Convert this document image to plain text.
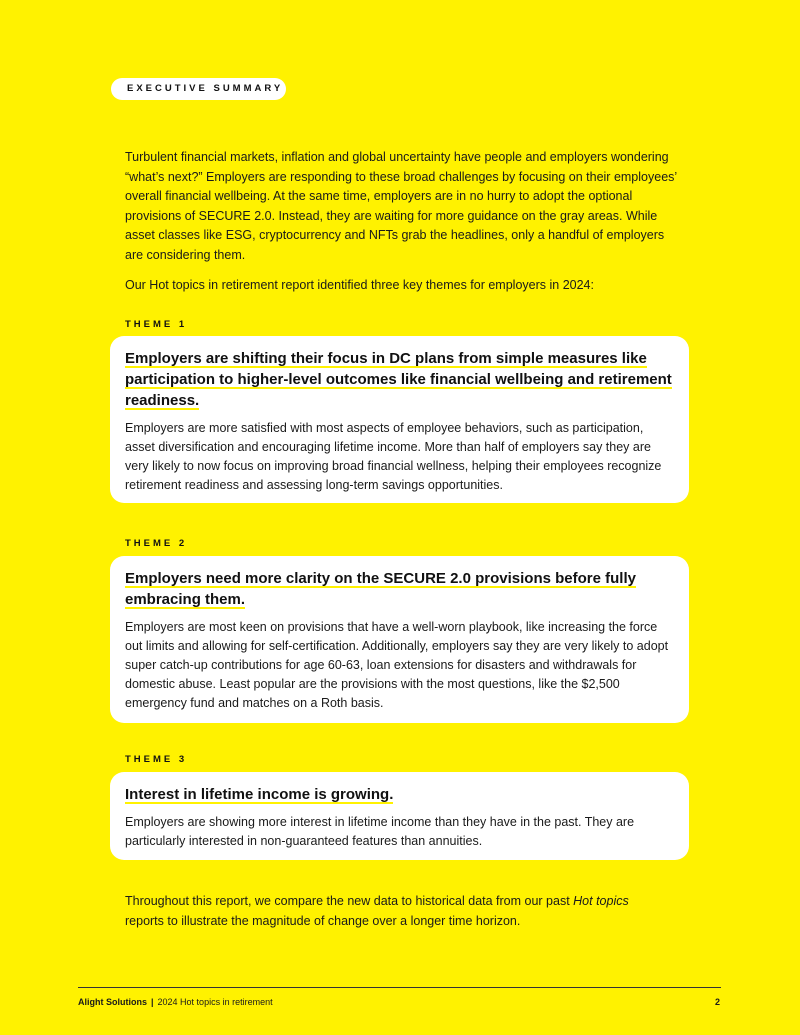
EXECUTIVE SUMMARY

Turbulent financial markets, inflation and global uncertainty have people and employers wondering “what’s next?” Employers are responding to these broad challenges by focusing on their employees’ overall financial wellbeing. At the same time, employers are in no hurry to adopt the optional provisions of SECURE 2.0. Instead, they are waiting for more guidance on the gray areas. While asset classes like ESG, cryptocurrency and NFTs grab the headlines, only a handful of employers are considering them.

Our Hot topics in retirement report identified three key themes for employers in 2024:

THEME 1
Employers are shifting their focus in DC plans from simple measures like participation to higher-level outcomes like financial wellbeing and retirement readiness.

Employers are more satisfied with most aspects of employee behaviors, such as participation, asset diversification and encouraging lifetime income. More than half of employers say they are very likely to now focus on improving broad financial wellness, helping their employees recognize retirement readiness and assessing long-term savings opportunities.

THEME 2
Employers need more clarity on the SECURE 2.0 provisions before fully embracing them.

Employers are most keen on provisions that have a well-worn playbook, like increasing the force out limits and allowing for self-certification. Additionally, employers say they are very likely to adopt super catch-up contributions for age 60-63, loan extensions for disasters and withdrawals for domestic abuse. Least popular are the provisions with the most questions, like the $2,500 emergency fund and matches on a Roth basis.

THEME 3
Interest in lifetime income is growing.

Employers are showing more interest in lifetime income than they have in the past. They are particularly interested in non-guaranteed features than annuities.

Throughout this report, we compare the new data to historical data from our past Hot topics reports to illustrate the magnitude of change over a longer time horizon.
Alight Solutions | 2024 Hot topics in retirement	2
